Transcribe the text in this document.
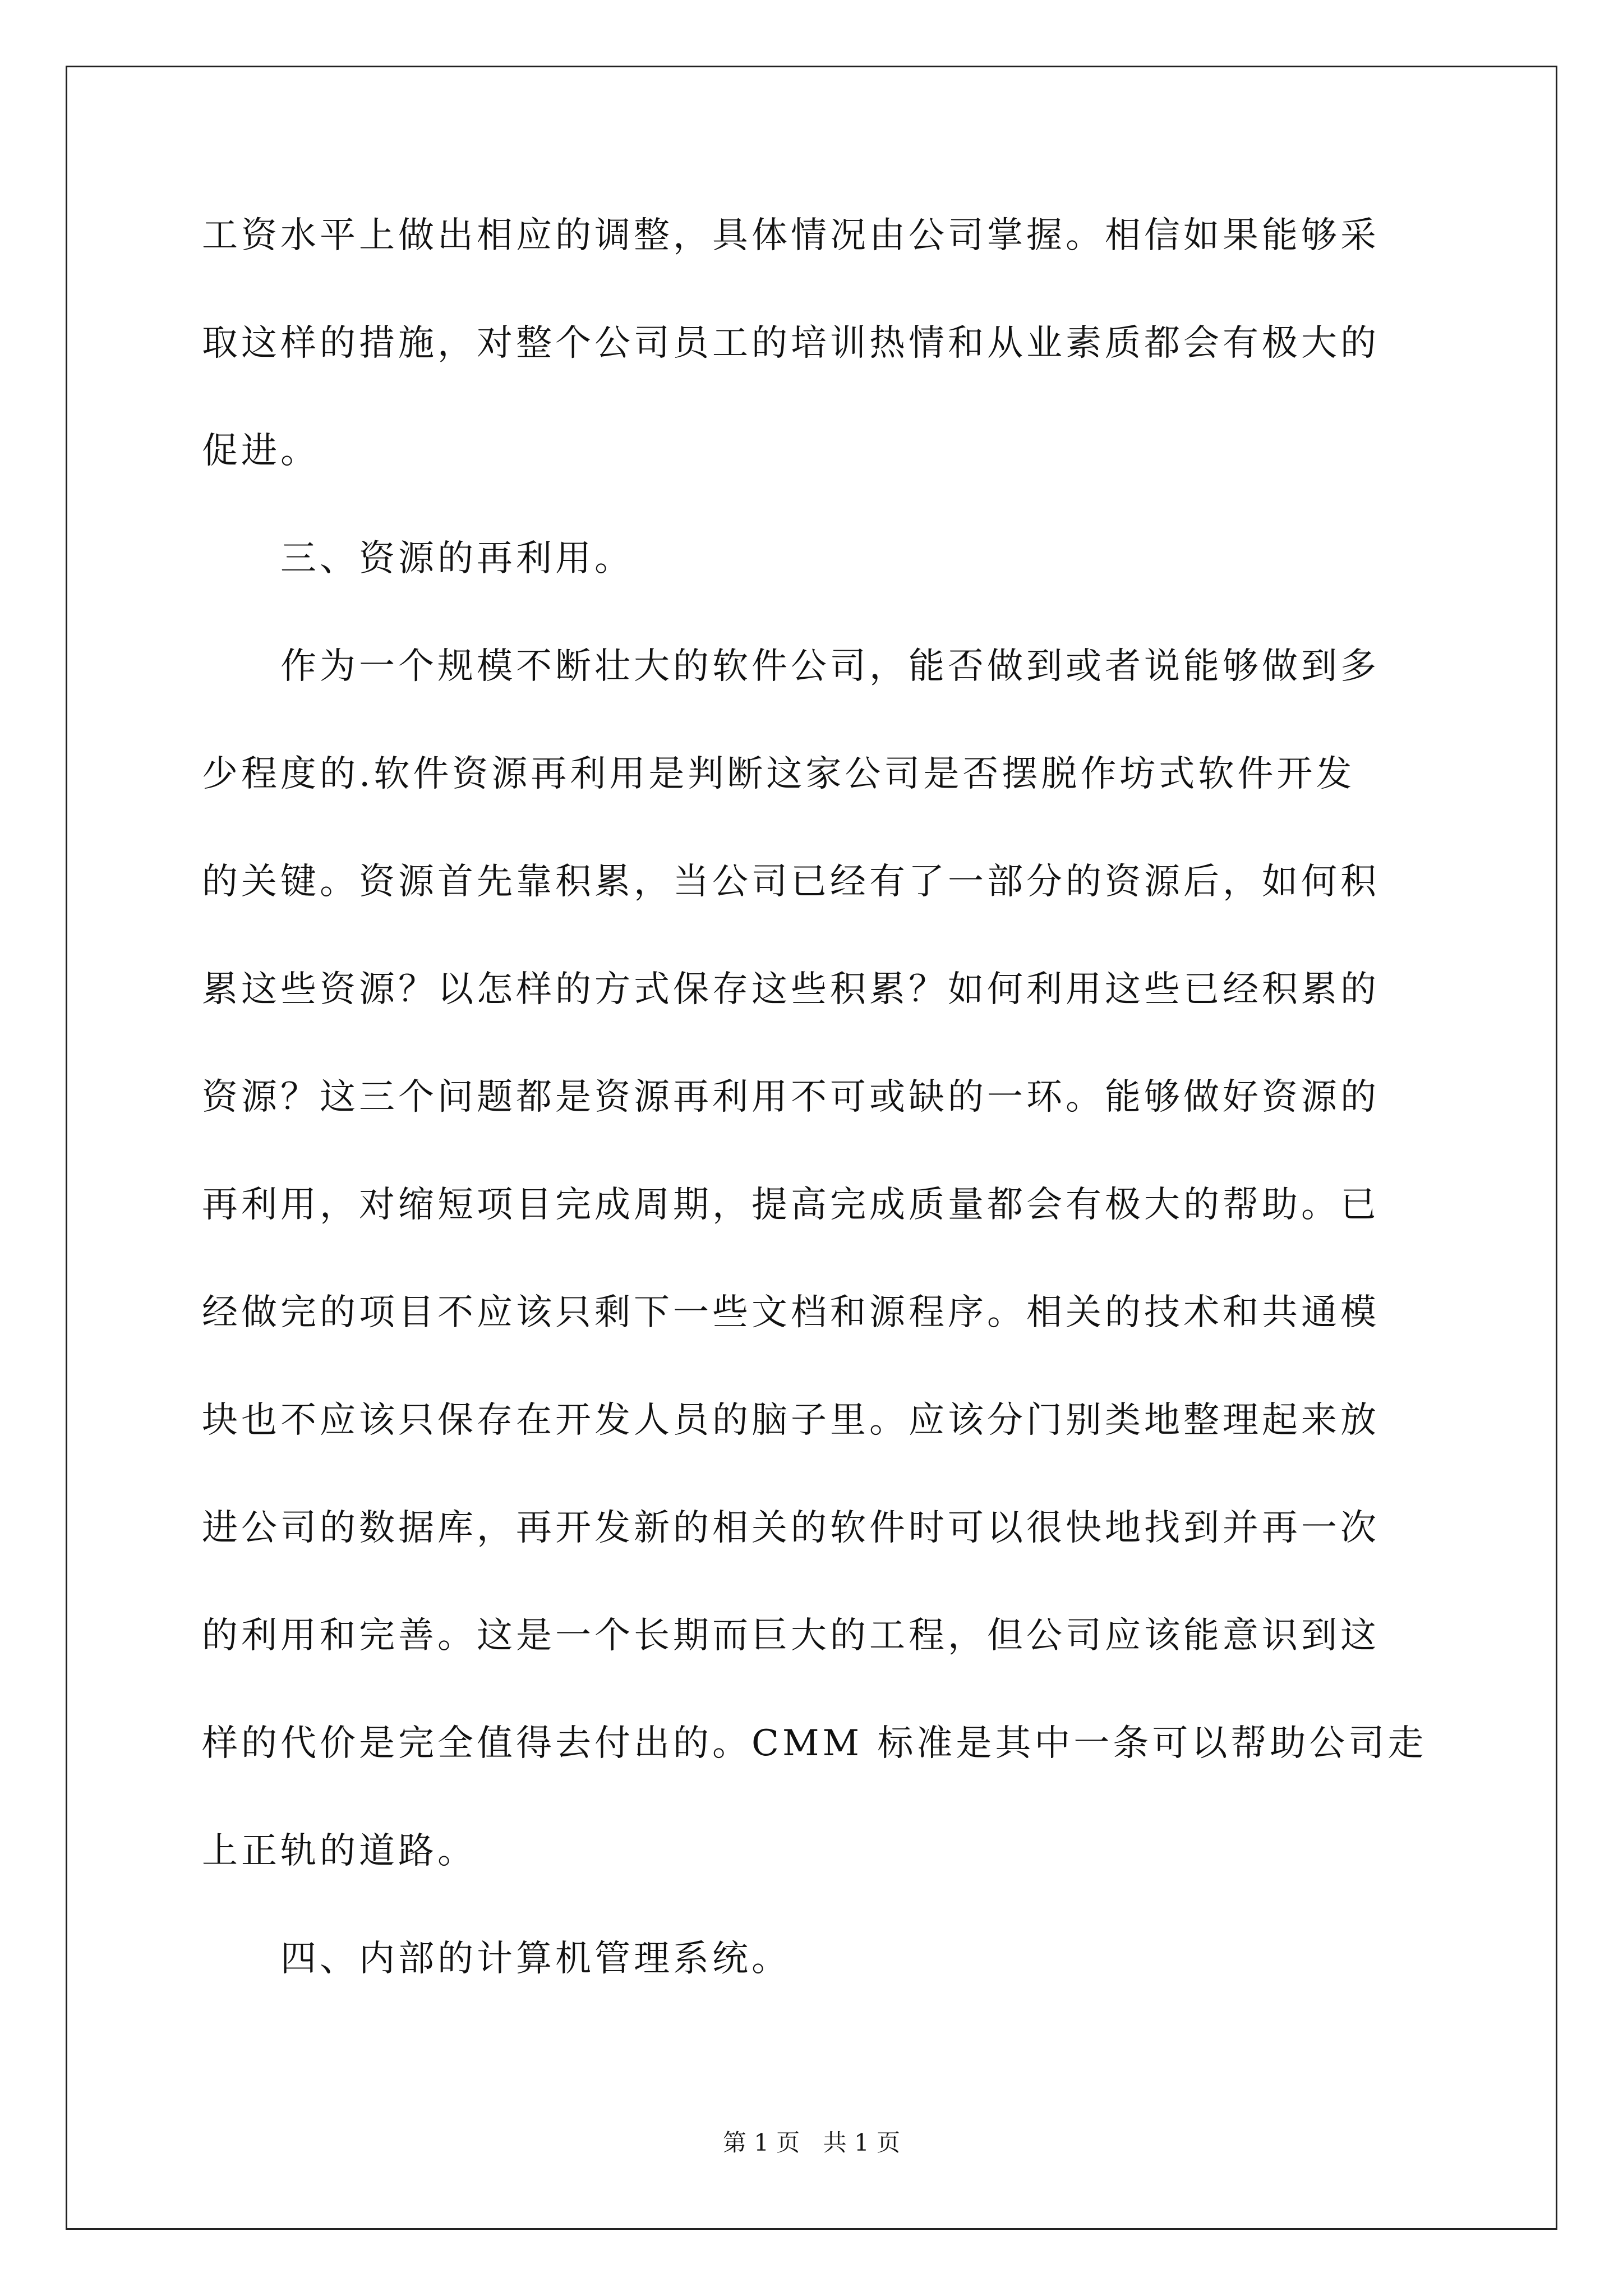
工资水平上做出相应的调整，具体情况由公司掌握。相信如果能够采
取这样的措施，对整个公司员工的培训热情和从业素质都会有极大的
促进。
　　三、资源的再利用。
　　作为一个规模不断壮大的软件公司，能否做到或者说能够做到多
少程度的.软件资源再利用是判断这家公司是否摆脱作坊式软件开发
的关键。资源首先靠积累，当公司已经有了一部分的资源后，如何积
累这些资源？以怎样的方式保存这些积累？如何利用这些已经积累的
资源？这三个问题都是资源再利用不可或缺的一环。能够做好资源的
再利用，对缩短项目完成周期，提高完成质量都会有极大的帮助。已
经做完的项目不应该只剩下一些文档和源程序。相关的技术和共通模
块也不应该只保存在开发人员的脑子里。应该分门别类地整理起来放
进公司的数据库，再开发新的相关的软件时可以很快地找到并再一次
的利用和完善。这是一个长期而巨大的工程，但公司应该能意识到这
样的代价是完全值得去付出的。CMM 标准是其中一条可以帮助公司走
上正轨的道路。
　　四、内部的计算机管理系统。
第 1 页 共 1 页
